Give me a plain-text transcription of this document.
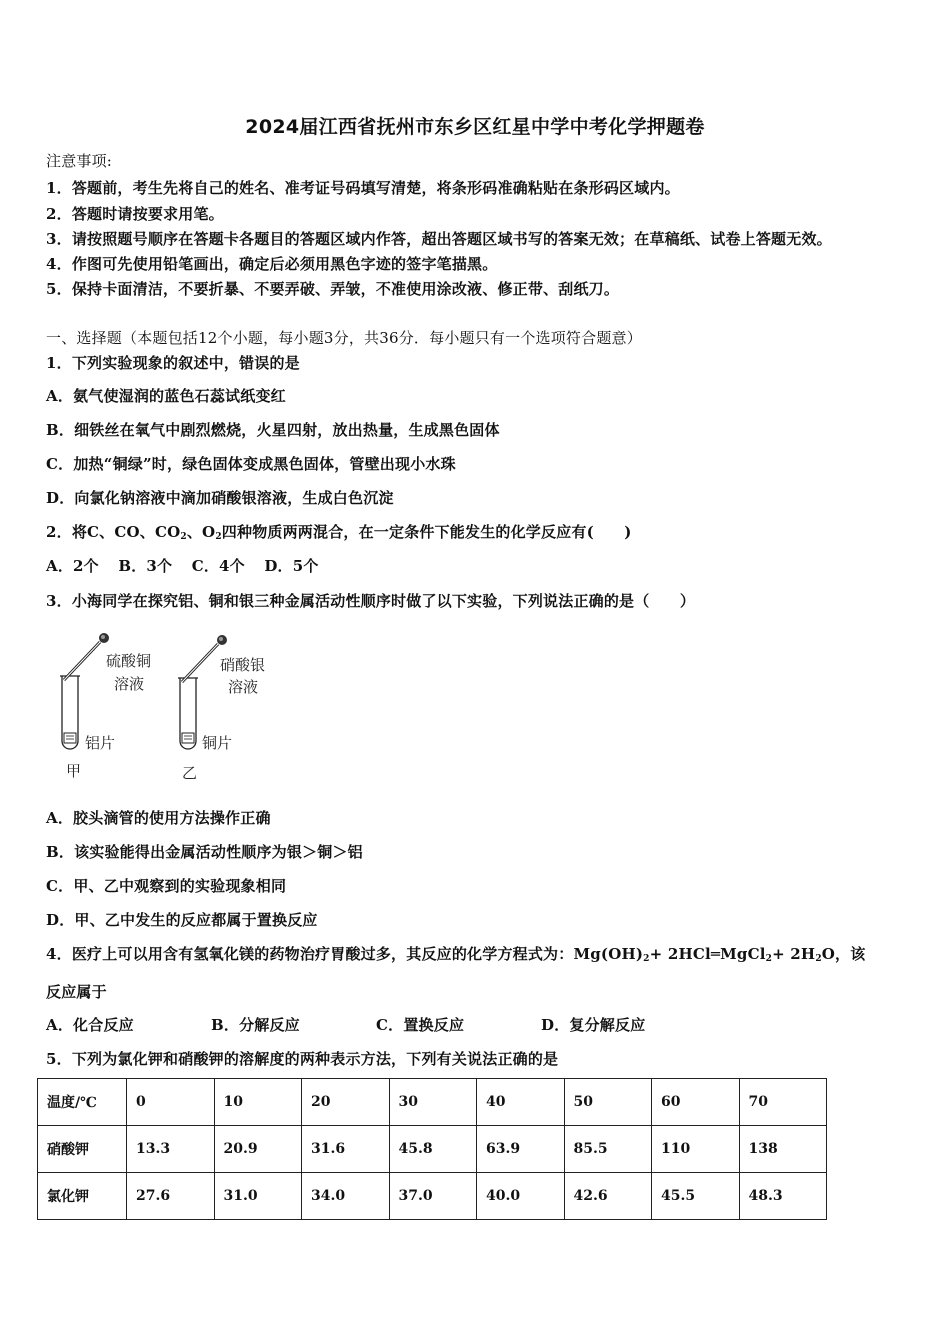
2024届江西省抚州市东乡区红星中学中考化学押题卷
注意事项:
1．答题前，考生先将自己的姓名、准考证号码填写清楚，将条形码准确粘贴在条形码区域内。
2．答题时请按要求用笔。
3．请按照题号顺序在答题卡各题目的答题区域内作答，超出答题区域书写的答案无效；在草稿纸、试卷上答题无效。
4．作图可先使用铅笔画出，确定后必须用黑色字迹的签字笔描黑。
5．保持卡面清洁，不要折暴、不要弄破、弄皱，不准使用涂改液、修正带、刮纸刀。
一、选择题（本题包括12个小题，每小题3分，共36分．每小题只有一个选项符合题意）
1．下列实验现象的叙述中，错误的是
A．氨气使湿润的蓝色石蕊试纸变红
B．细铁丝在氧气中剧烈燃烧，火星四射，放出热量，生成黑色固体
C．加热“铜绿”时，绿色固体变成黑色固体，管壁出现小水珠
D．向氯化钠溶液中滴加硝酸银溶液，生成白色沉淀
2．将C、CO、$CO_2$、$O_2$四种物质两两混合，在一定条件下能发生的化学反应有(　　)
A．2个 B．3个 C．4个 D．5个
3．小海同学在探究铝、铜和银三种金属活动性顺序时做了以下实验，下列说法正确的是（　　）
硫酸铜
溶液
铝片
甲
硝酸银
溶液
铜片
乙
A．胶头滴管的使用方法操作正确
B．该实验能得出金属活动性顺序为银＞铜＞铝
C．甲、乙中观察到的实验现象相同
D．甲、乙中发生的反应都属于置换反应
4．医疗上可以用含有氢氧化镁的药物治疗胃酸过多，其反应的化学方程式为：$Mg(OH)_2+$ 2HCl═MgCl$_2$+ $2H_2O$，该
反应属于
A．化合反应	B．分解反应	C．置换反应	D．复分解反应
5．下列为氯化钾和硝酸钾的溶解度的两种表示方法，下列有关说法正确的是
温度/℃	0	10	20	30	40	50	60	70
硝酸钾	13.3	20.9	31.6	45.8	63.9	85.5	110	138
氯化钾	27.6	31.0	34.0	37.0	40.0	42.6	45.5	48.3
